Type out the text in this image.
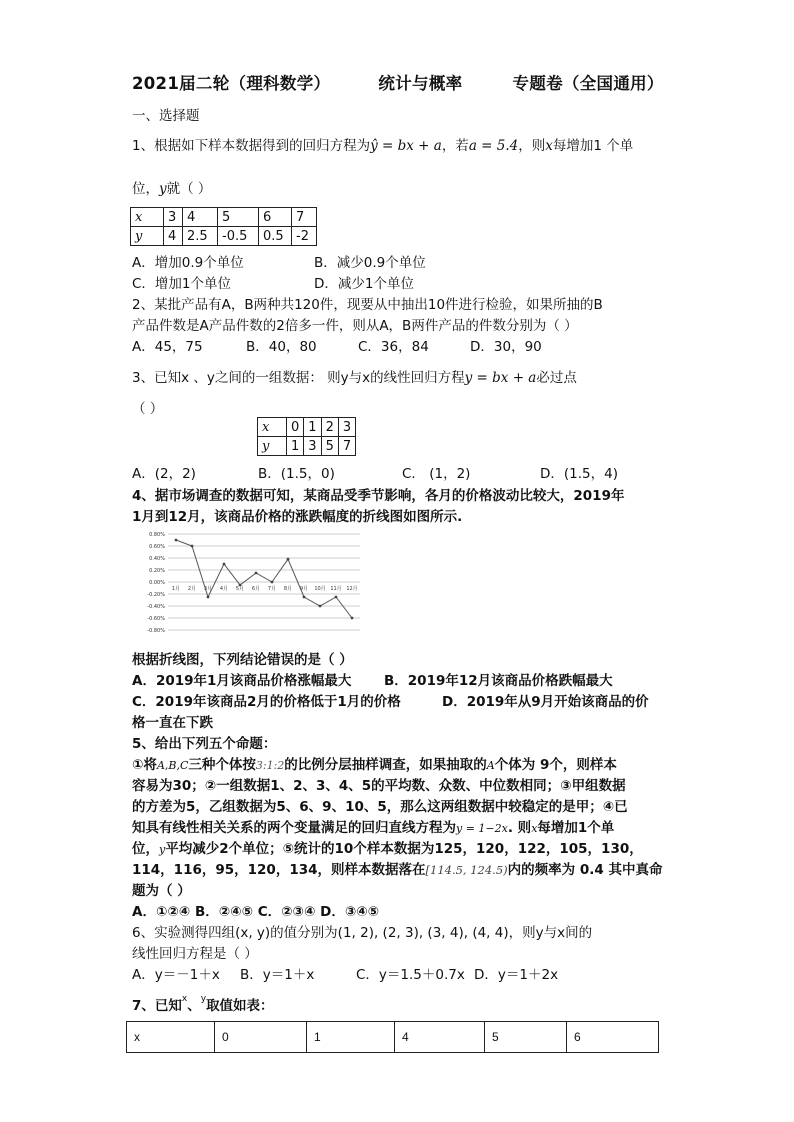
2021届二轮（理科数学）	统计与概率	专题卷（全国通用）
一、选择题
1、根据如下样本数据得到的回归方程为ŷ = bx + a，若a = 5.4，则x每增加1 个单
位，y就（ ）
x	3	4	5	6	7
y	4	2.5	-0.5	0.5	-2
A．增加0.9个单位	B．减少0.9个单位
C．增加1个单位	D．减少1个单位
2、某批产品有A，B两种共120件，现要从中抽出10件进行检验，如果所抽的B
产品件数是A产品件数的2倍多一件，则从A，B两件产品的件数分别为（ ）
A．45，75	B．40，80	C．36，84	D．30，90
3、已知x 、y之间的一组数据： 则y与x的线性回归方程y = bx + a必过点
（ ）
x	0	1	2	3
y	1	3	5	7
A．(2，2)	B．(1.5，0)	C． (1，2)	D．(1.5，4)
4、据市场调查的数据可知，某商品受季节影响，各月的价格波动比较大，2019年
1月到12月，该商品价格的涨跌幅度的折线图如图所示.
0.80%
0.60%
0.40%
0.20%
0.00%
-0.20%
-0.40%
-0.60%
-0.80%
1月 2月 3月 4月 5月 6月 7月 8月 9月 10月 11月 12月
根据折线图，下列结论错误的是（ ）
A．2019年1月该商品价格涨幅最大 B．2019年12月该商品价格跌幅最大
C．2019年该商品2月的价格低于1月的价格	D．2019年从9月开始该商品的价
格一直在下跌
5、给出下列五个命题：
①将A,B,C三种个体按3:1:2的比例分层抽样调查，如果抽取的A个体为 9个，则样本
容易为30；②一组数据1、2、3、4、5的平均数、众数、中位数相同；③甲组数据
的方差为5，乙组数据为5、6、9、10、5，那么这两组数据中较稳定的是甲；④已
知具有线性相关关系的两个变量满足的回归直线方程为y = 1−2x. 则x每增加1个单
位，y平均减少2个单位；⑤统计的10个样本数据为125，120，122，105，130，
114，116，95，120，134，则样本数据落在[114.5, 124.5)内的频率为 0.4 其中真命
题为（ ）
A．①②④ B．②④⑤ C．②③④ D．③④⑤
6、实验测得四组(x, y)的值分别为(1, 2), (2, 3), (3, 4), (4, 4)，则y与x间的
线性回归方程是（ ）
A．y＝－1＋x B．y＝1＋x	C．y＝1.5＋0.7x D．y＝1＋2x
7、已知$^x$、$^y$取值如表：
x	0	1	4	5	6
